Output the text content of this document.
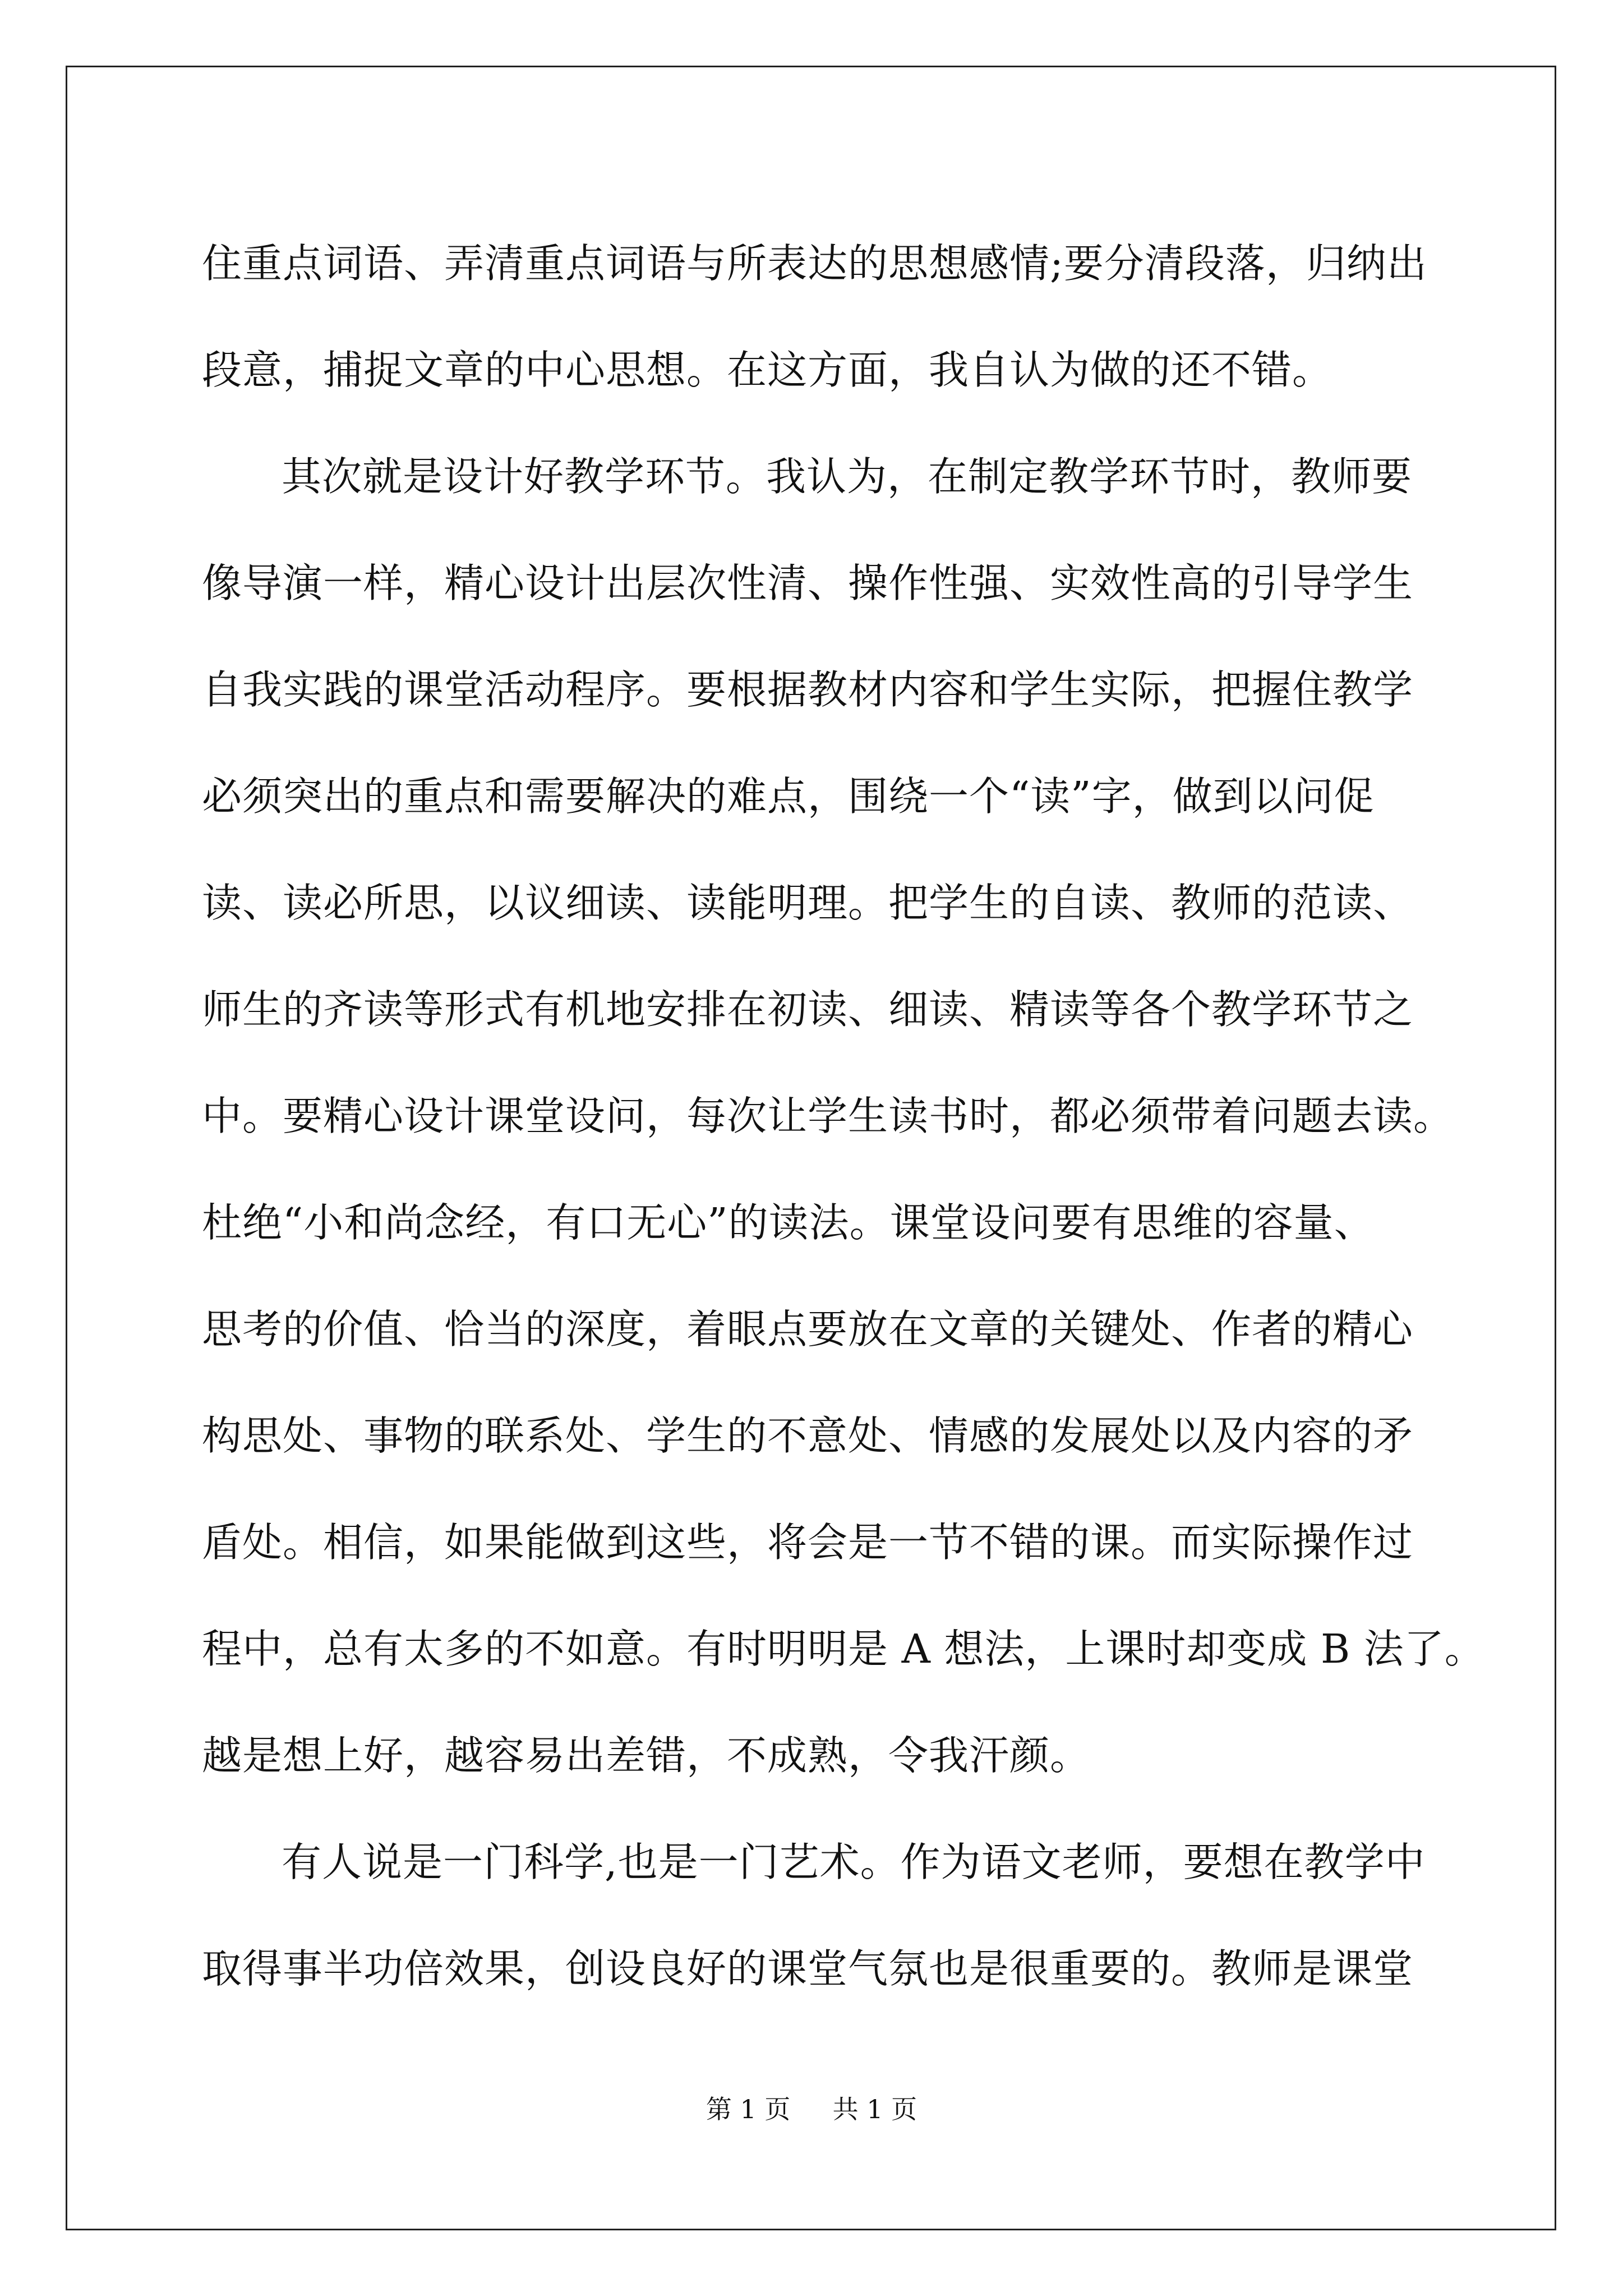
住重点词语、弄清重点词语与所表达的思想感情;要分清段落，归纳出
段意，捕捉文章的中心思想。在这方面，我自认为做的还不错。
其次就是设计好教学环节。我认为，在制定教学环节时，教师要
像导演一样，精心设计出层次性清、操作性强、实效性高的引导学生
自我实践的课堂活动程序。要根据教材内容和学生实际，把握住教学
必须突出的重点和需要解决的难点，围绕一个“读”字，做到以问促
读、读必所思，以议细读、读能明理。把学生的自读、教师的范读、
师生的齐读等形式有机地安排在初读、细读、精读等各个教学环节之
中。要精心设计课堂设问，每次让学生读书时，都必须带着问题去读。
杜绝“小和尚念经，有口无心”的读法。课堂设问要有思维的容量、
思考的价值、恰当的深度，着眼点要放在文章的关键处、作者的精心
构思处、事物的联系处、学生的不意处、情感的发展处以及内容的矛
盾处。相信，如果能做到这些，将会是一节不错的课。而实际操作过
程中，总有太多的不如意。有时明明是 A 想法，上课时却变成 B 法了。
越是想上好，越容易出差错，不成熟，令我汗颜。
有人说是一门科学,也是一门艺术。作为语文老师，要想在教学中
取得事半功倍效果，创设良好的课堂气氛也是很重要的。教师是课堂
第 1 页 共 1 页
